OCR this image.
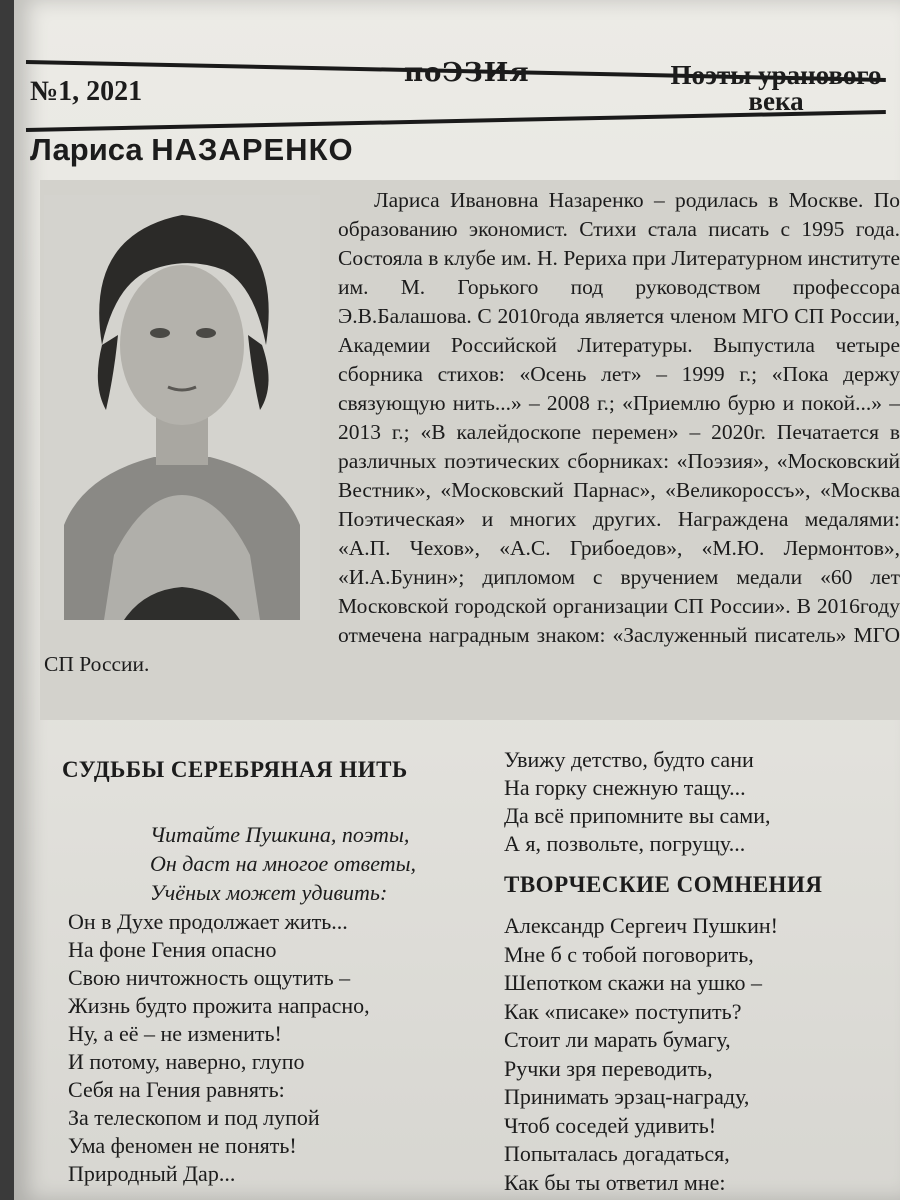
№1, 2021
поЭЗИя	Поэты уранового века
Лариса НАЗАРЕНКО

Лариса Ивановна Назаренко – родилась в Москве. По образованию экономист. Стихи стала писать с 1995 года. Состояла в клубе им. Н. Рериха при Литературном институте им. М. Горького под руководством профессора Э.В.Балашова. С 2010года является членом МГО СП России, Академии Российской Литературы. Выпустила четыре сборника стихов: «Осень лет» – 1999 г.; «Пока держу связующую нить...» – 2008 г.; «Приемлю бурю и покой...» – 2013 г.; «В калейдоскопе перемен» – 2020г. Печатается в различных поэтических сборниках: «Поэзия», «Московский Вестник», «Московский Парнас», «Великороссъ», «Москва Поэтическая» и многих других. Награждена медалями: «А.П. Чехов», «А.С. Грибоедов», «М.Ю. Лермонтов», «И.А.Бунин»; дипломом с вручением медали «60 лет Московской городской организации СП России». В 2016году отмечена наградным знаком: «Заслуженный писатель» МГО СП России.

СУДЬБЫ СЕРЕБРЯНАЯ НИТЬ
Читайте Пушкина, поэты,
Он даст на многое ответы,
Учёных может удивить:
Он в Духе продолжает жить...
На фоне Гения опасно
Свою ничтожность ощутить –
Жизнь будто прожита напрасно,
Ну, а её – не изменить!
И потому, наверно, глупо
Себя на Гения равнять:
За телескопом и под лупой
Ума феномен не понять!
Природный Дар...
Увижу детство, будто сани
На горку снежную тащу...
Да всё припомните вы сами,
А я, позвольте, погрущу...
ТВОРЧЕСКИЕ СОМНЕНИЯ
Александр Сергеич Пушкин!
Мне б с тобой поговорить,
Шепотком скажи на ушко –
Как «писаке» поступить?
Стоит ли марать бумагу,
Ручки зря переводить,
Принимать эрзац-награду,
Чтоб соседей удивить!
Попыталась догадаться,
Как бы ты ответил мне:
